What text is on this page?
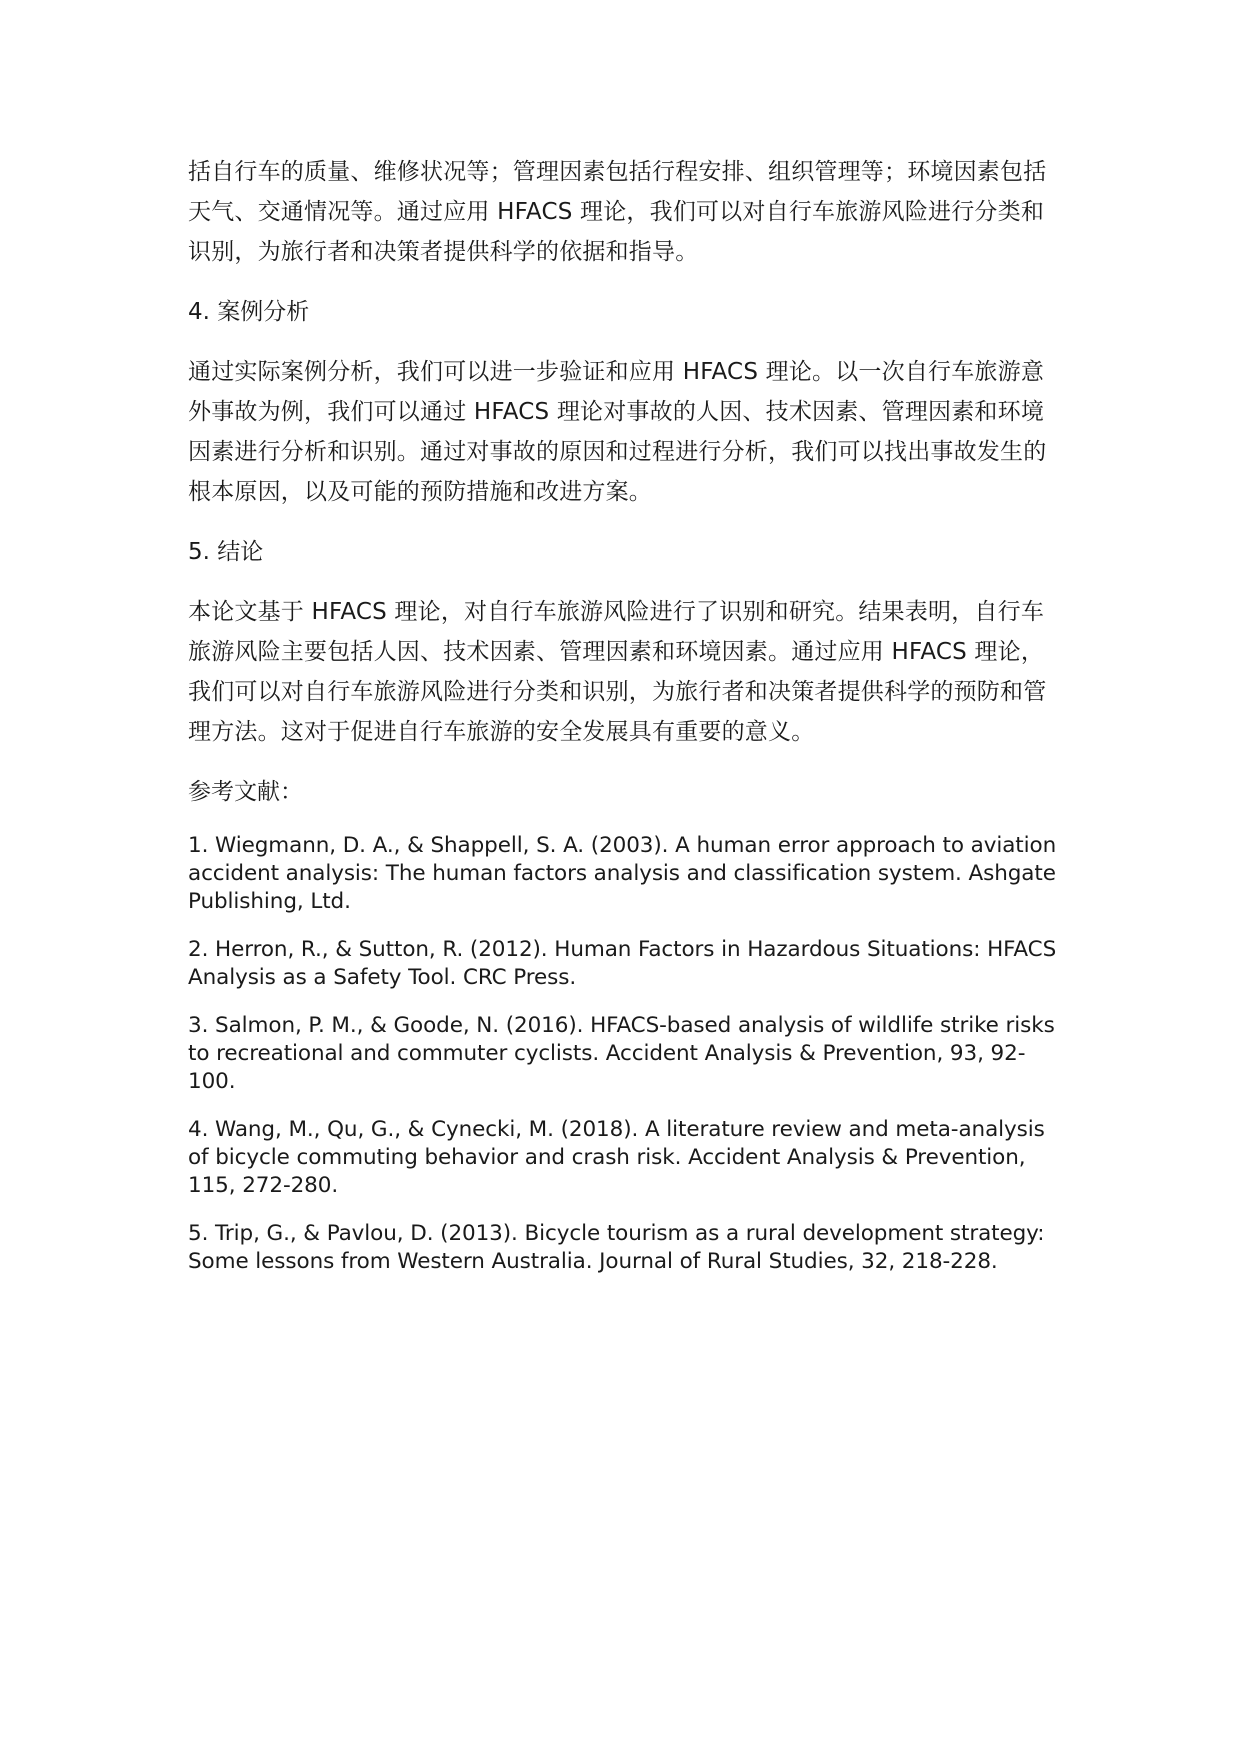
括自行车的质量、维修状况等；管理因素包括行程安排、组织管理等；环境因素包括天气、交通情况等。通过应用 HFACS 理论，我们可以对自行车旅游风险进行分类和识别，为旅行者和决策者提供科学的依据和指导。

4. 案例分析

通过实际案例分析，我们可以进一步验证和应用 HFACS 理论。以一次自行车旅游意外事故为例，我们可以通过 HFACS 理论对事故的人因、技术因素、管理因素和环境因素进行分析和识别。通过对事故的原因和过程进行分析，我们可以找出事故发生的根本原因，以及可能的预防措施和改进方案。

5. 结论

本论文基于 HFACS 理论，对自行车旅游风险进行了识别和研究。结果表明，自行车旅游风险主要包括人因、技术因素、管理因素和环境因素。通过应用 HFACS 理论，我们可以对自行车旅游风险进行分类和识别，为旅行者和决策者提供科学的预防和管理方法。这对于促进自行车旅游的安全发展具有重要的意义。

参考文献：

1. Wiegmann, D. A., & Shappell, S. A. (2003). A human error approach to aviation accident analysis: The human factors analysis and classification system. Ashgate Publishing, Ltd.

2. Herron, R., & Sutton, R. (2012). Human Factors in Hazardous Situations: HFACS Analysis as a Safety Tool. CRC Press.

3. Salmon, P. M., & Goode, N. (2016). HFACS-based analysis of wildlife strike risks to recreational and commuter cyclists. Accident Analysis & Prevention, 93, 92-100.

4. Wang, M., Qu, G., & Cynecki, M. (2018). A literature review and meta-analysis of bicycle commuting behavior and crash risk. Accident Analysis & Prevention, 115, 272-280.

5. Trip, G., & Pavlou, D. (2013). Bicycle tourism as a rural development strategy: Some lessons from Western Australia. Journal of Rural Studies, 32, 218-228.
